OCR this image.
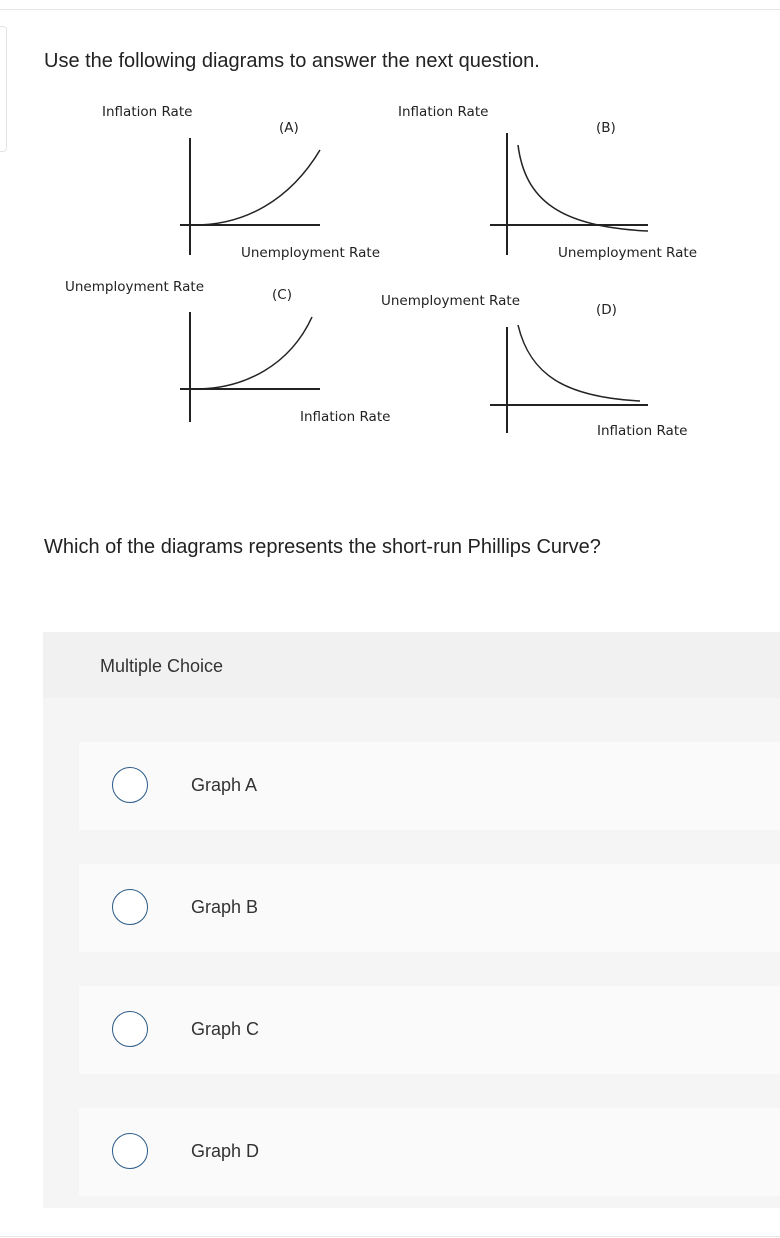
Use the following diagrams to answer the next question.
Inflation Rate
(A)
Unemployment Rate
Inflation Rate
(B)
Unemployment Rate
Unemployment Rate	(C)
Inflation Rate
Unemployment Rate
(D)
Inflation Rate
Which of the diagrams represents the short-run Phillips Curve?
Multiple Choice
Graph A
Graph B
Graph C
Graph D
